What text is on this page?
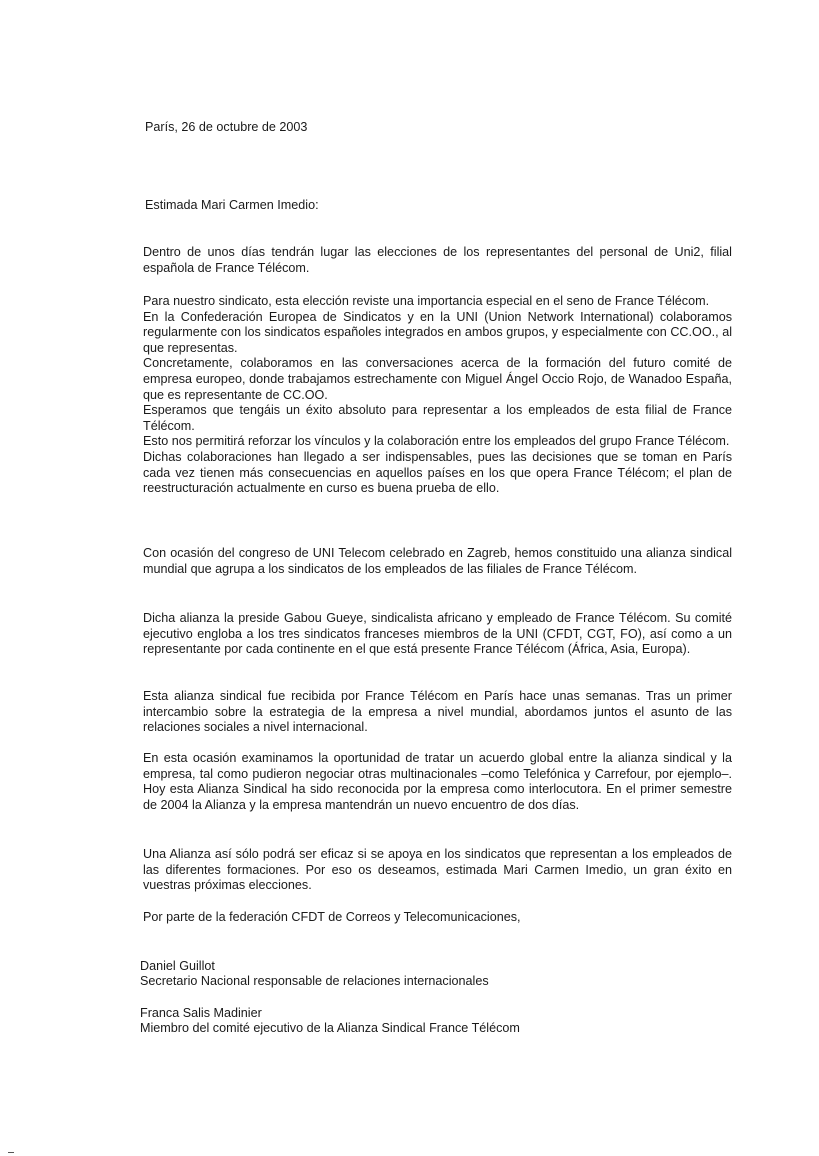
París, 26 de octubre de 2003
Estimada Mari Carmen Imedio:

Dentro de unos días tendrán lugar las elecciones de los representantes del personal de Uni2, filial española de France Télécom.

Para nuestro sindicato, esta elección reviste una importancia especial en el seno de France Télécom.

En la Confederación Europea de Sindicatos y en la UNI (Union Network International) colaboramos regularmente con los sindicatos españoles integrados en ambos grupos, y especialmente con CC.OO., al que representas.

Concretamente, colaboramos en las conversaciones acerca de la formación del futuro comité de empresa europeo, donde trabajamos estrechamente con Miguel Ángel Occio Rojo, de Wanadoo España, que es representante de CC.OO.

Esperamos que tengáis un éxito absoluto para representar a los empleados de esta filial de France Télécom.

Esto nos permitirá reforzar los vínculos y la colaboración entre los empleados del grupo France Télécom.

Dichas colaboraciones han llegado a ser indispensables, pues las decisiones que se toman en París cada vez tienen más consecuencias en aquellos países en los que opera France Télécom; el plan de reestructuración actualmente en curso es buena prueba de ello.

Con ocasión del congreso de UNI Telecom celebrado en Zagreb, hemos constituido una alianza sindical mundial que agrupa a los sindicatos de los empleados de las filiales de France Télécom.

Dicha alianza la preside Gabou Gueye, sindicalista africano y empleado de France Télécom. Su comité ejecutivo engloba a los tres sindicatos franceses miembros de la UNI (CFDT, CGT, FO), así como a un representante por cada continente en el que está presente France Télécom (África, Asia, Europa).

Esta alianza sindical fue recibida por France Télécom en París hace unas semanas. Tras un primer intercambio sobre la estrategia de la empresa a nivel mundial, abordamos juntos el asunto de las relaciones sociales a nivel internacional.

En esta ocasión examinamos la oportunidad de tratar un acuerdo global entre la alianza sindical y la empresa, tal como pudieron negociar otras multinacionales –como Telefónica y Carrefour, por ejemplo–. Hoy esta Alianza Sindical ha sido reconocida por la empresa como interlocutora. En el primer semestre de 2004 la Alianza y la empresa mantendrán un nuevo encuentro de dos días.

Una Alianza así sólo podrá ser eficaz si se apoya en los sindicatos que representan a los empleados de las diferentes formaciones. Por eso os deseamos, estimada Mari Carmen Imedio, un gran éxito en vuestras próximas elecciones.

Por parte de la federación CFDT de Correos y Telecomunicaciones,

Daniel Guillot
Secretario Nacional responsable de relaciones internacionales
Franca Salis Madinier
Miembro del comité ejecutivo de la Alianza Sindical France Télécom
